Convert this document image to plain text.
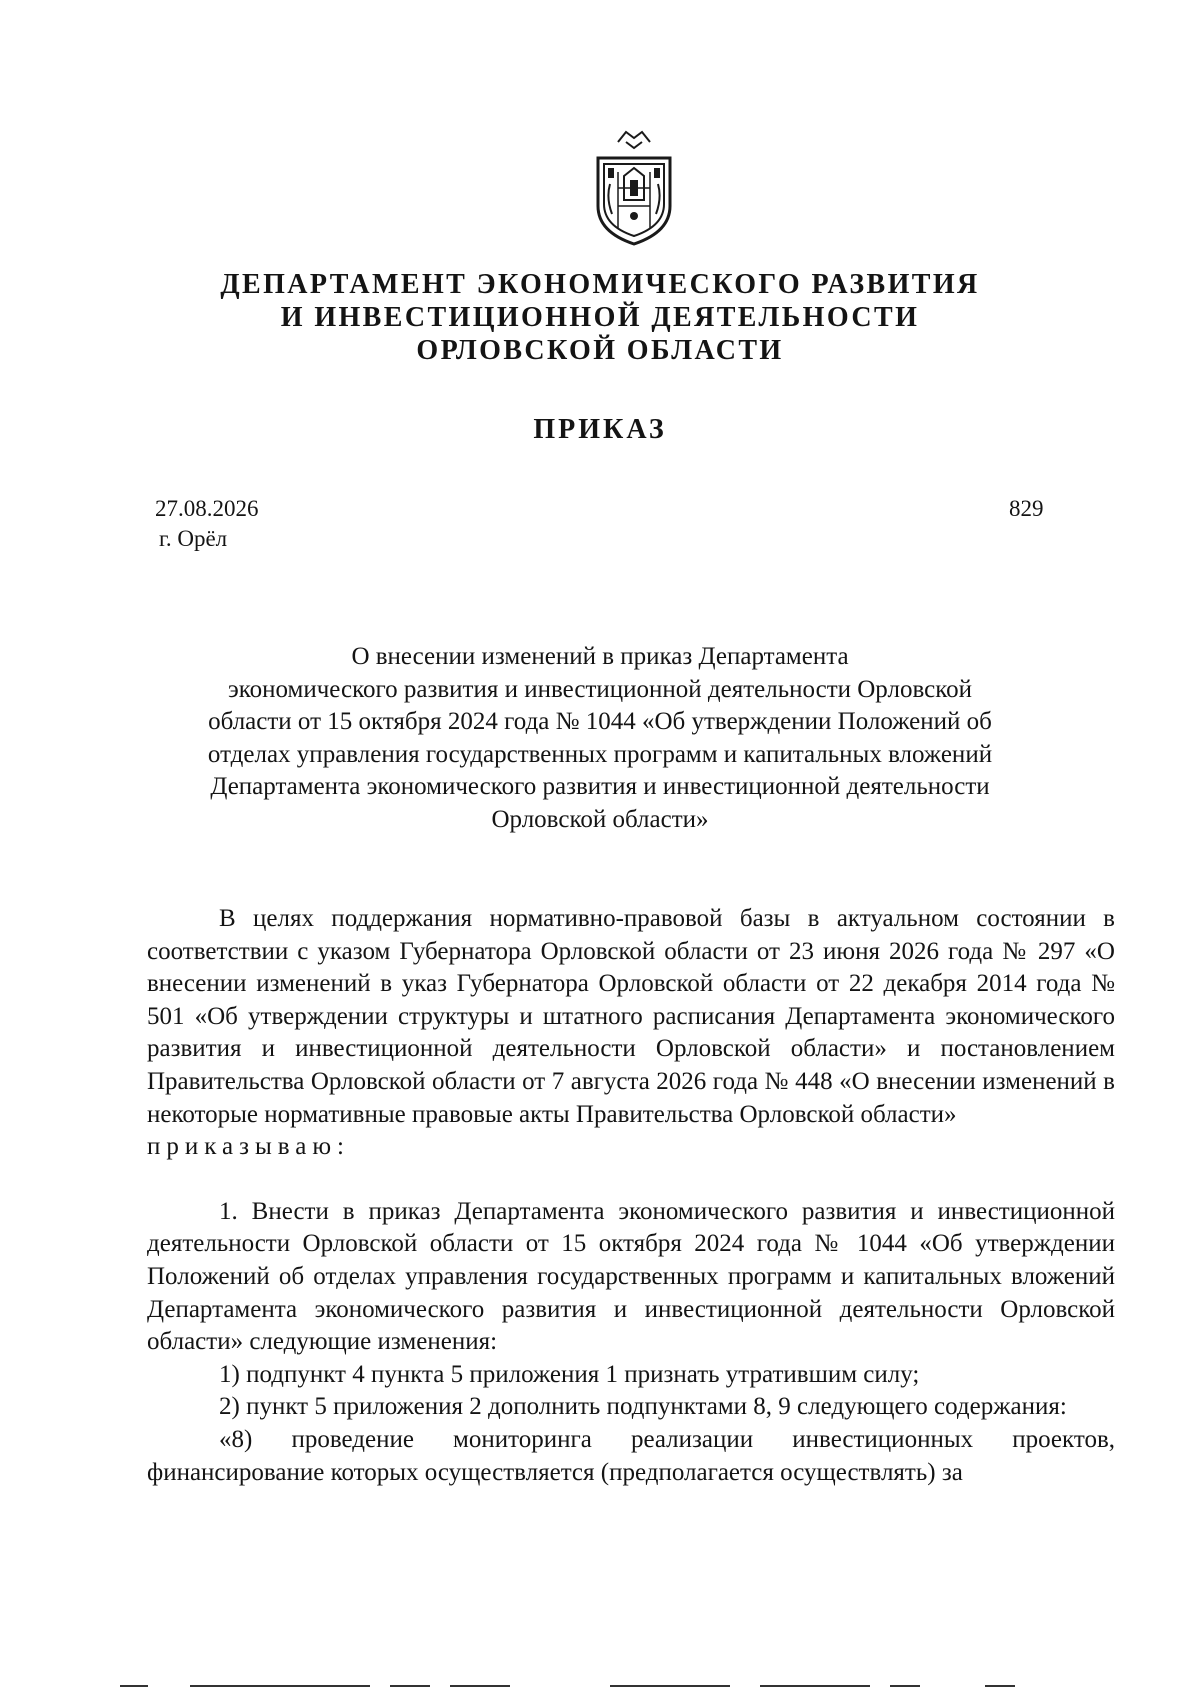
ДЕПАРТАМЕНТ ЭКОНОМИЧЕСКОГО РАЗВИТИЯ
И ИНВЕСТИЦИОННОЙ ДЕЯТЕЛЬНОСТИ
ОРЛОВСКОЙ ОБЛАСТИ
ПРИКАЗ
27.08.2026
г. Орёл
829
О внесении изменений в приказ Департамента
экономического развития и инвестиционной деятельности Орловской
области от 15 октября 2024 года № 1044 «Об утверждении Положений об
отделах управления государственных программ и капитальных вложений
Департамента экономического развития и инвестиционной деятельности
Орловской области»

В целях поддержания нормативно-правовой базы в актуальном состоянии в соответствии с указом Губернатора Орловской области от 23 июня 2026 года № 297 «О внесении изменений в указ Губернатора Орловской области от 22 декабря 2014 года № 501 «Об утверждении структуры и штатного расписания Департамента экономического развития и инвестиционной деятельности Орловской области» и постановлением Правительства Орловской области от 7 августа 2026 года № 448 «О внесении изменений в некоторые нормативные правовые акты Правительства Орловской области»

приказываю:

1. Внести в приказ Департамента экономического развития и инвестиционной деятельности Орловской области от 15 октября 2024 года № 1044 «Об утверждении Положений об отделах управления государственных программ и капитальных вложений Департамента экономического развития и инвестиционной деятельности Орловской области» следующие изменения:

1) подпункт 4 пункта 5 приложения 1 признать утратившим силу;

2) пункт 5 приложения 2 дополнить подпунктами 8, 9 следующего содержания:

«8) проведение мониторинга реализации инвестиционных проектов, финансирование которых осуществляется (предполагается осуществлять) за
